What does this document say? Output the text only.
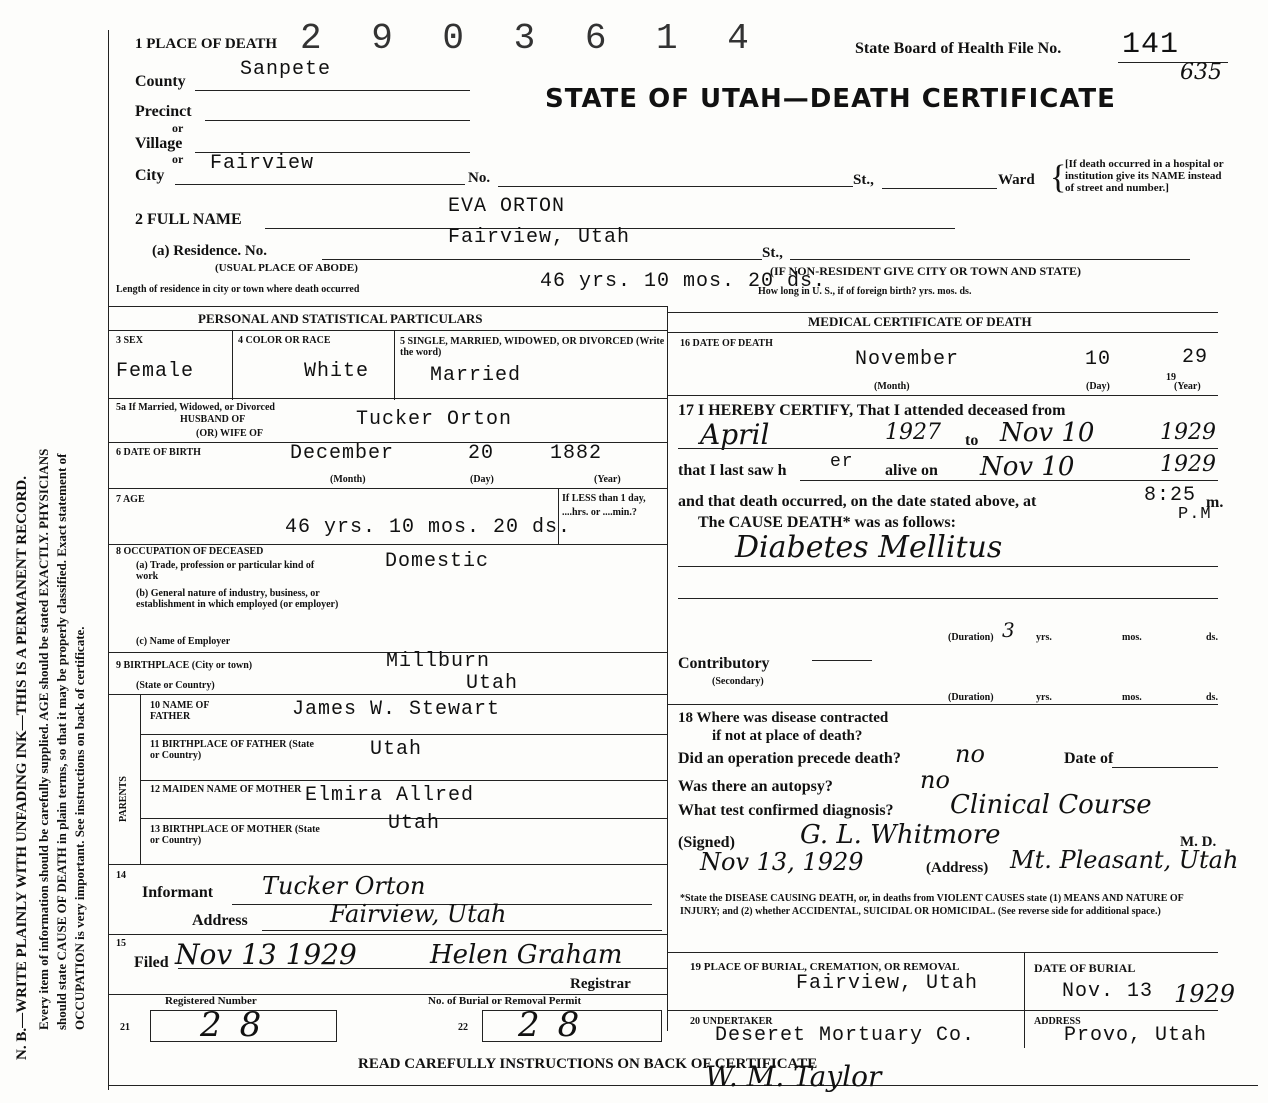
N. B.—WRITE PLAINLY WITH UNFADING INK—THIS IS A PERMANENT RECORD. Every item of information should be carefully supplied. AGE should be stated EXACTLY. PHYSICIANS should state CAUSE OF DEATH in plain terms, so that it may be properly classified. Exact statement of OCCUPATION is very important. See instructions on back of certificate.
2 9 0 3 6 1 4	State Board of Health File No. 141
635
STATE OF UTAH—DEATH CERTIFICATE
1 PLACE OF DEATH
County
Sanpete
Precinct
or
Village
or
City
Fairview
No.	St.,	Ward {
[If death occurred in a hospital or institution give its NAME instead of street and number.]
2 FULL NAME
EVA ORTON
(a) Residence. No.
Fairview, Utah
St.,
(USUAL PLACE OF ABODE)	(IF NON-RESIDENT GIVE CITY OR TOWN AND STATE)
Length of residence in city or town where death occurred	46 yrs. 10 mos. 20 ds.
How long in U. S., if of foreign birth? yrs. mos. ds.
PERSONAL AND STATISTICAL PARTICULARS
3 SEX
Female
4 COLOR OR RACE
White
5 SINGLE, MARRIED, WIDOWED, OR DIVORCED (Write the word)
Married
5a If Married, Widowed, or Divorced
HUSBAND OF
(OR) WIFE OF
Tucker Orton
6 DATE OF BIRTH	December	20	1882
(Month)	(Day)	(Year)
7 AGE
46 yrs. 10 mos. 20 ds.
If LESS than 1 day, ....hrs. or ....min.?
8 OCCUPATION OF DECEASED
(a) Trade, profession or particular kind of work
Domestic
(b) General nature of industry, business, or establishment in which employed (or employer)
(c) Name of Employer
9 BIRTHPLACE (City or town)	Millburn
(State or Country)	Utah
PARENTS
10 NAME OF FATHER	James W. Stewart
11 BIRTHPLACE OF FATHER (State or Country)	Utah
12 MAIDEN NAME OF MOTHER Elmira Allred
13 BIRTHPLACE OF MOTHER (State or Country)
Utah
14
Informant Tucker Orton
Address	Fairview, Utah
15
Filed Nov 13 1929	Helen Graham
Registrar
Registered Number
21 28
No. of Burial or Removal Permit
22 28
MEDICAL CERTIFICATE OF DEATH
16 DATE OF DEATH
November	10
19
29
(Month)	(Day)	(Year)
17 I HEREBY CERTIFY, That I attended deceased from
April	1927 to Nov 10	1929
that I last saw h er alive on Nov 10	1929
and that death occurred, on the date stated above, at	8:25 m.
P.M
The CAUSE DEATH* was as follows:
Diabetes Mellitus
(Duration) 3 yrs.	mos.	ds.
Contributory
(Secondary)
(Duration)	yrs.	mos.	ds.
18 Where was disease contracted
if not at place of death?
Did an operation precede death? no	Date of
Was there an autopsy?	no
What test confirmed diagnosis? Clinical Course
(Signed)	G. L. Whitmore	M. D.
Nov 13, 1929	(Address) Mt. Pleasant, Utah
*State the DISEASE CAUSING DEATH, or, in deaths from VIOLENT CAUSES state (1) MEANS AND NATURE OF INJURY; and (2) whether ACCIDENTAL, SUICIDAL OR HOMICIDAL. (See reverse side for additional space.)
19 PLACE OF BURIAL, CREMATION, OR REMOVAL
Fairview, Utah
DATE OF BURIAL
Nov. 13 1929
20 UNDERTAKER
Deseret Mortuary Co.
ADDRESS
Provo, Utah
READ CAREFULLY INSTRUCTIONS ON BACK OF CERTIFICATE
W. M. Taylor
